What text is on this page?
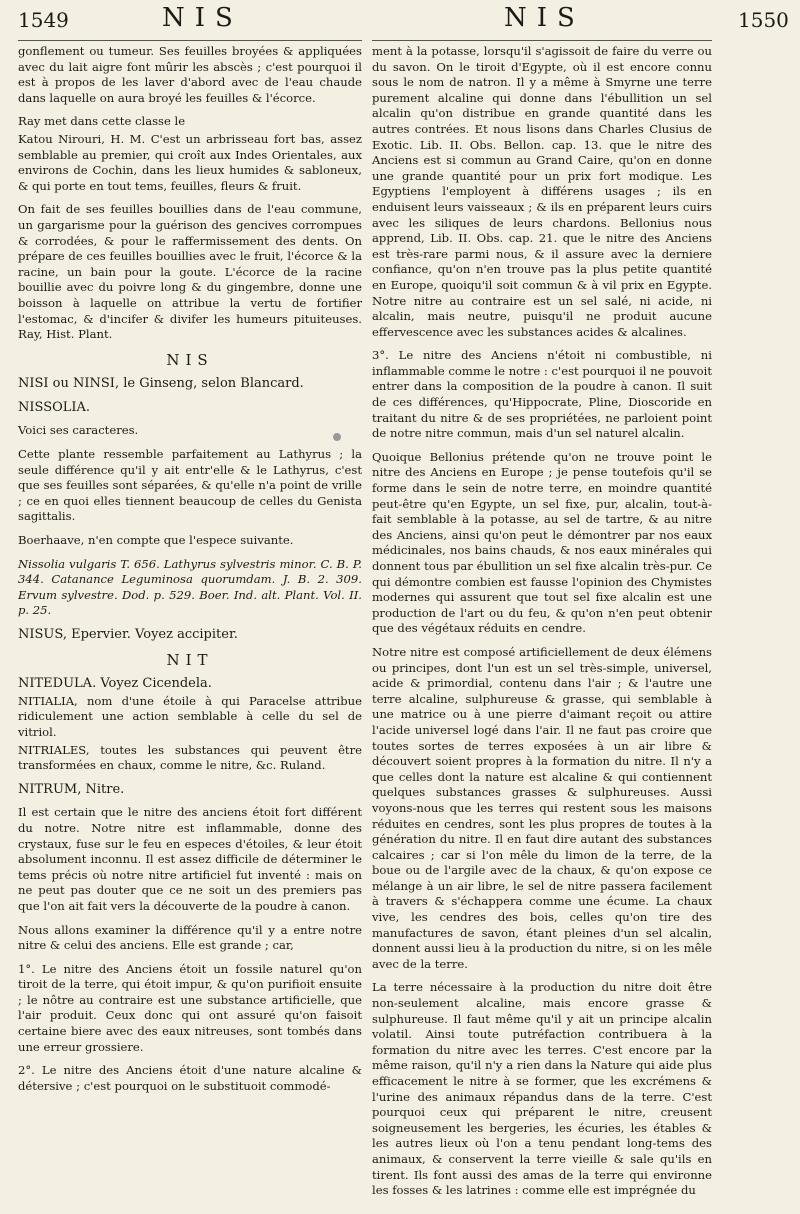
1549	NIS	NIS	1550

gonflement ou tumeur. Ses feuilles broyées & appliquées avec du lait aigre font mûrir les abscès ; c'est pourquoi il est à propos de les laver d'abord avec de l'eau chaude dans laquelle on aura broyé les feuilles & l'écorce.

Ray met dans cette classe le

Katou Nirouri, H. M. C'est un arbrisseau fort bas, assez semblable au premier, qui croît aux Indes Orientales, aux environs de Cochin, dans les lieux humides & sabloneux, & qui porte en tout tems, feuilles, fleurs & fruit.

On fait de ses feuilles bouillies dans de l'eau commune, un gargarisme pour la guérison des gencives corrompues & corrodées, & pour le raffermissement des dents. On prépare de ces feuilles bouillies avec le fruit, l'écorce & la racine, un bain pour la goute. L'écorce de la racine bouillie avec du poivre long & du gingembre, donne une boisson à laquelle on attribue la vertu de fortifier l'estomac, & d'incifer & divifer les humeurs pituiteuses. Ray, Hist. Plant.

NIS

NISI ou NINSI, le Ginseng, selon Blancard.

NISSOLIA.

Voici ses caracteres.

Cette plante ressemble parfaitement au Lathyrus ; la seule différence qu'il y ait entr'elle & le Lathyrus, c'est que ses feuilles sont séparées, & qu'elle n'a point de vrille ; ce en quoi elles tiennent beaucoup de celles du Genista sagittalis.

Boerhaave, n'en compte que l'espece suivante.

Nissolia vulgaris T. 656. Lathyrus sylvestris minor. C. B. P. 344. Catanance Leguminosa quorumdam. J. B. 2. 309. Ervum sylvestre. Dod. p. 529. Boer. Ind. alt. Plant. Vol. II. p. 25.

NISUS, Epervier. Voyez accipiter.

NIT

NITEDULA. Voyez Cicendela.

NITIALIA, nom d'une étoile à qui Paracelse attribue ridiculement une action semblable à celle du sel de vitriol.

NITRIALES, toutes les substances qui peuvent être transformées en chaux, comme le nitre, &c. Ruland.

NITRUM, Nitre.

Il est certain que le nitre des anciens étoit fort différent du notre. Notre nitre est inflammable, donne des crystaux, fuse sur le feu en especes d'étoiles, & leur étoit absolument inconnu. Il est assez difficile de déterminer le tems précis où notre nitre artificiel fut inventé : mais on ne peut pas douter que ce ne soit un des premiers pas que l'on ait fait vers la découverte de la poudre à canon.

Nous allons examiner la différence qu'il y a entre notre nitre & celui des anciens. Elle est grande ; car,

1°. Le nitre des Anciens étoit un fossile naturel qu'on tiroit de la terre, qui étoit impur, & qu'on purifioit ensuite ; le nôtre au contraire est une substance artificielle, que l'air produit. Ceux donc qui ont assuré qu'on faisoit certaine biere avec des eaux nitreuses, sont tombés dans une erreur grossiere.

2°. Le nitre des Anciens étoit d'une nature alcaline & détersive ; c'est pourquoi on le substituoit commodé-

ment à la potasse, lorsqu'il s'agissoit de faire du verre ou du savon. On le tiroit d'Egypte, où il est encore connu sous le nom de natron. Il y a même à Smyrne une terre purement alcaline qui donne dans l'ébullition un sel alcalin qu'on distribue en grande quantité dans les autres contrées. Et nous lisons dans Charles Clusius de Exotic. Lib. II. Obs. Bellon. cap. 13. que le nitre des Anciens est si commun au Grand Caire, qu'on en donne une grande quantité pour un prix fort modique. Les Egyptiens l'employent à différens usages ; ils en enduisent leurs vaisseaux ; & ils en préparent leurs cuirs avec les siliques de leurs chardons. Bellonius nous apprend, Lib. II. Obs. cap. 21. que le nitre des Anciens est très-rare parmi nous, & il assure avec la derniere confiance, qu'on n'en trouve pas la plus petite quantité en Europe, quoiqu'il soit commun & à vil prix en Egypte. Notre nitre au contraire est un sel salé, ni acide, ni alcalin, mais neutre, puisqu'il ne produit aucune effervescence avec les substances acides & alcalines.

3°. Le nitre des Anciens n'étoit ni combustible, ni inflammable comme le notre : c'est pourquoi il ne pouvoit entrer dans la composition de la poudre à canon. Il suit de ces différences, qu'Hippocrate, Pline, Dioscoride en traitant du nitre & de ses propriétées, ne parloient point de notre nitre commun, mais d'un sel naturel alcalin.

Quoique Bellonius prétende qu'on ne trouve point le nitre des Anciens en Europe ; je pense toutefois qu'il se forme dans le sein de notre terre, en moindre quantité peut-être qu'en Egypte, un sel fixe, pur, alcalin, tout-à-fait semblable à la potasse, au sel de tartre, & au nitre des Anciens, ainsi qu'on peut le démontrer par nos eaux médicinales, nos bains chauds, & nos eaux minérales qui donnent tous par ébullition un sel fixe alcalin très-pur. Ce qui démontre combien est fausse l'opinion des Chymistes modernes qui assurent que tout sel fixe alcalin est une production de l'art ou du feu, & qu'on n'en peut obtenir que des végétaux réduits en cendre.

Notre nitre est composé artificiellement de deux élémens ou principes, dont l'un est un sel très-simple, universel, acide & primordial, contenu dans l'air ; & l'autre une terre alcaline, sulphureuse & grasse, qui semblable à une matrice ou à une pierre d'aimant reçoit ou attire l'acide universel logé dans l'air. Il ne faut pas croire que toutes sortes de terres exposées à un air libre & découvert soient propres à la formation du nitre. Il n'y a que celles dont la nature est alcaline & qui contiennent quelques substances grasses & sulphureuses. Aussi voyons-nous que les terres qui restent sous les maisons réduites en cendres, sont les plus propres de toutes à la génération du nitre. Il en faut dire autant des substances calcaires ; car si l'on mêle du limon de la terre, de la boue ou de l'argile avec de la chaux, & qu'on expose ce mélange à un air libre, le sel de nitre passera facilement à travers & s'échappera comme une écume. La chaux vive, les cendres des bois, celles qu'on tire des manufactures de savon, étant pleines d'un sel alcalin, donnent aussi lieu à la production du nitre, si on les mêle avec de la terre.

La terre nécessaire à la production du nitre doit être non-seulement alcaline, mais encore grasse & sulphureuse. Il faut même qu'il y ait un principe alcalin volatil. Ainsi toute putréfaction contribuera à la formation du nitre avec les terres. C'est encore par la même raison, qu'il n'y a rien dans la Nature qui aide plus efficacement le nitre à se former, que les excrémens & l'urine des animaux répandus dans de la terre. C'est pourquoi ceux qui préparent le nitre, creusent soigneusement les bergeries, les écuries, les étables & les autres lieux où l'on a tenu pendant long-tems des animaux, & conservent la terre vieille & sale qu'ils en tirent. Ils font aussi des amas de la terre qui environne les fosses & les latrines : comme elle est imprégnée du
